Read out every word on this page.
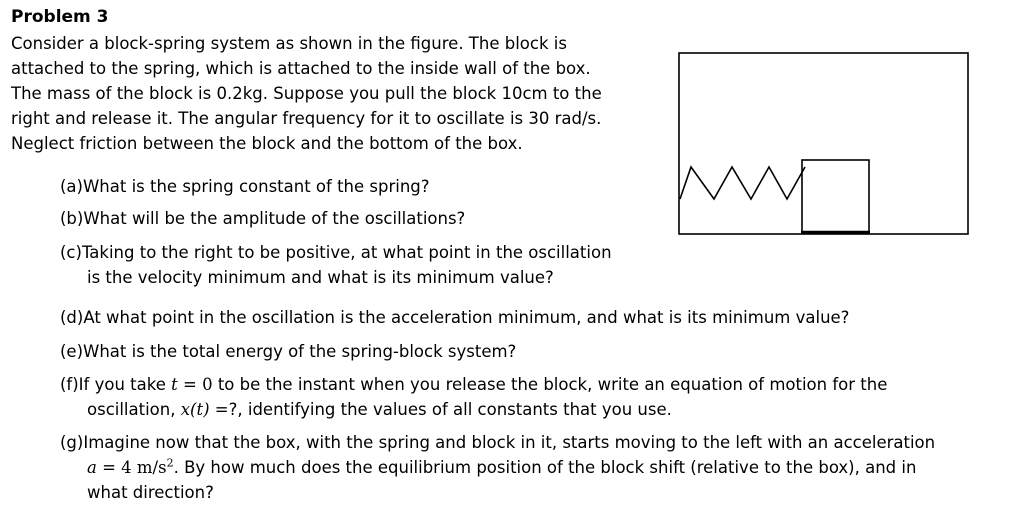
Problem 3
Consider a block-spring system as shown in the figure. The block is
attached to the spring, which is attached to the inside wall of the box.
The mass of the block is 0.2kg. Suppose you pull the block 10cm to the
right and release it. The angular frequency for it to oscillate is 30 rad/s.
Neglect friction between the block and the bottom of the box.
(a)What is the spring constant of the spring?
(b)What will be the amplitude of the oscillations?
(c)Taking to the right to be positive, at what point in the oscillation
is the velocity minimum and what is its minimum value?
(d)At what point in the oscillation is the acceleration minimum, and what is its minimum value?
(e)What is the total energy of the spring-block system?
(f)If you take t = 0 to be the instant when you release the block, write an equation of motion for the
oscillation, x(t) =?, identifying the values of all constants that you use.
(g)Imagine now that the box, with the spring and block in it, starts moving to the left with an acceleration
a = 4 $m/s^2$. By how much does the equilibrium position of the block shift (relative to the box), and in
what direction?
